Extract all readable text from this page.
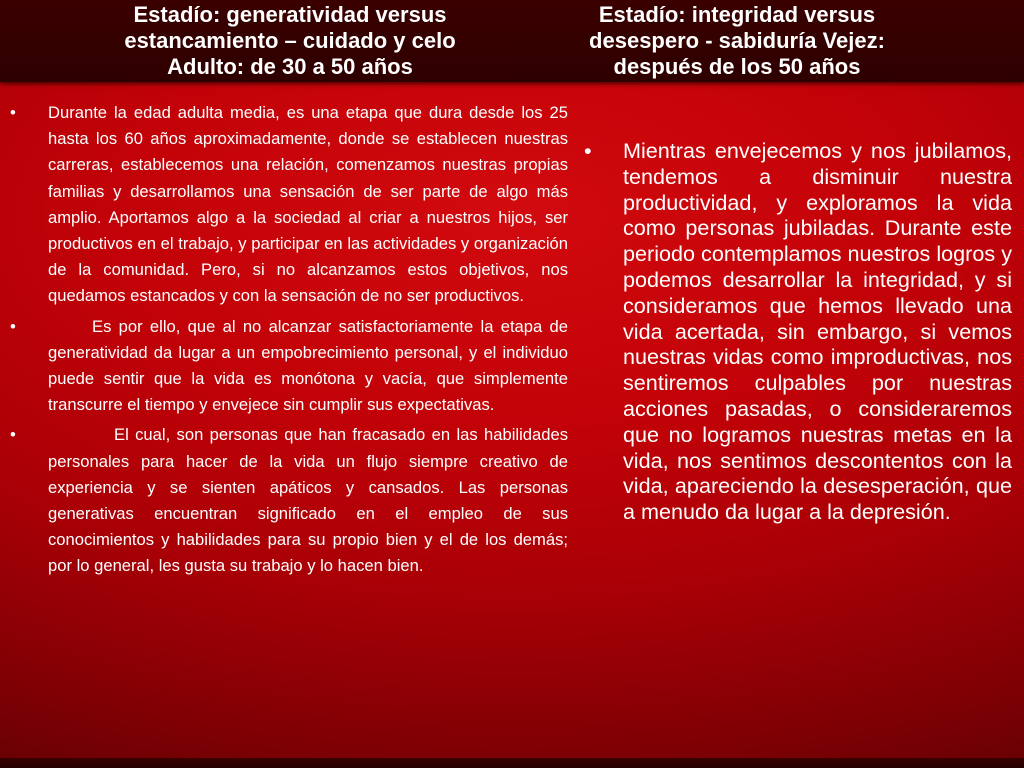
Estadío: generatividad versus
estancamiento – cuidado y celo
Adulto: de 30 a 50 años
Estadío: integridad versus
desespero - sabiduría Vejez:
después de los 50 años
• Durante la edad adulta media, es una etapa que dura desde los 25 hasta los 60 años aproximadamente, donde se establecen nuestras carreras, establecemos una relación, comenzamos nuestras propias familias y desarrollamos una sensación de ser parte de algo más amplio. Aportamos algo a la sociedad al criar a nuestros hijos, ser productivos en el trabajo, y participar en las actividades y organización de la comunidad. Pero, si no alcanzamos estos objetivos, nos quedamos estancados y con la sensación de no ser productivos.
•	Es por ello, que al no alcanzar satisfactoriamente la etapa de generatividad da lugar a un empobrecimiento personal, y el individuo puede sentir que la vida es monótona y vacía, que simplemente transcurre el tiempo y envejece sin cumplir sus expectativas.
•	El cual, son personas que han fracasado en las habilidades personales para hacer de la vida un flujo siempre creativo de experiencia y se sienten apáticos y cansados. Las personas generativas encuentran significado en el empleo de sus conocimientos y habilidades para su propio bien y el de los demás; por lo general, les gusta su trabajo y lo hacen bien.
• Mientras envejecemos y nos jubilamos, tendemos a disminuir nuestra productividad, y exploramos la vida como personas jubiladas. Durante este periodo contemplamos nuestros logros y podemos desarrollar la integridad, y si consideramos que hemos llevado una vida acertada, sin embargo, si vemos nuestras vidas como improductivas, nos sentiremos culpables por nuestras acciones pasadas, o consideraremos que no logramos nuestras metas en la vida, nos sentimos descontentos con la vida, apareciendo la desesperación, que a menudo da lugar a la depresión.
